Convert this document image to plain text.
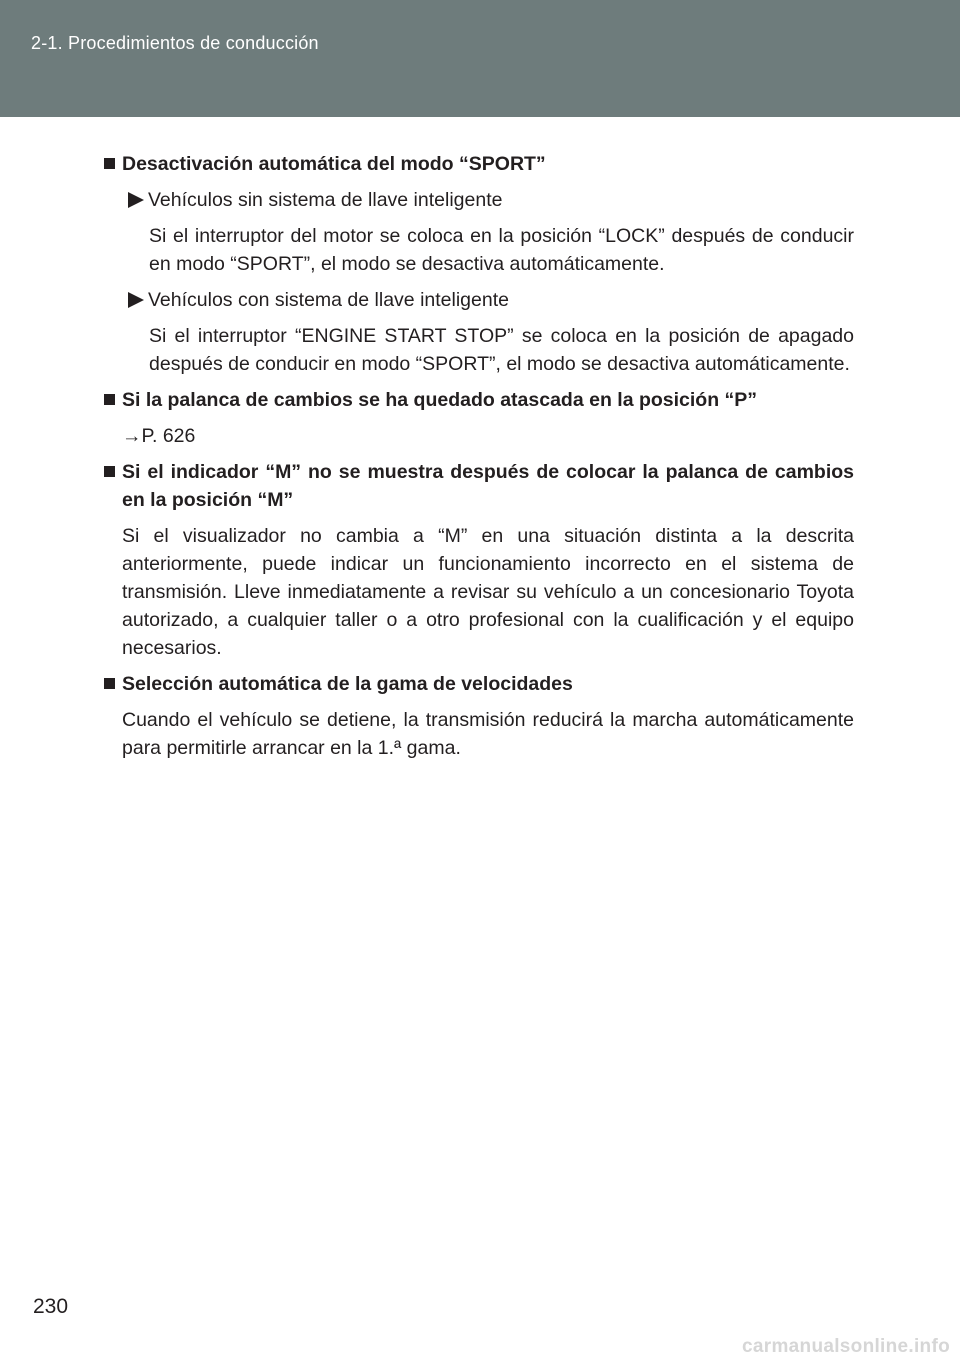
2-1. Procedimientos de conducción
Desactivación automática del modo “SPORT”
Vehículos sin sistema de llave inteligente
Si el interruptor del motor se coloca en la posición “LOCK” después de conducir en modo “SPORT”, el modo se desactiva automáticamente.
Vehículos con sistema de llave inteligente
Si el interruptor “ENGINE START STOP” se coloca en la posición de apagado después de conducir en modo “SPORT”, el modo se desactiva automáticamente.
Si la palanca de cambios se ha quedado atascada en la posición “P”
→P. 626
Si el indicador “M” no se muestra después de colocar la palanca de cambios en la posición “M”
Si el visualizador no cambia a “M” en una situación distinta a la descrita anteriormente, puede indicar un funcionamiento incorrecto en el sistema de transmisión. Lleve inmediatamente a revisar su vehículo a un concesionario Toyota autorizado, a cualquier taller o a otro profesional con la cualificación y el equipo necesarios.
Selección automática de la gama de velocidades
Cuando el vehículo se detiene, la transmisión reducirá la marcha automáticamente para permitirle arrancar en la 1.ª gama.
230
carmanualsonline.info
